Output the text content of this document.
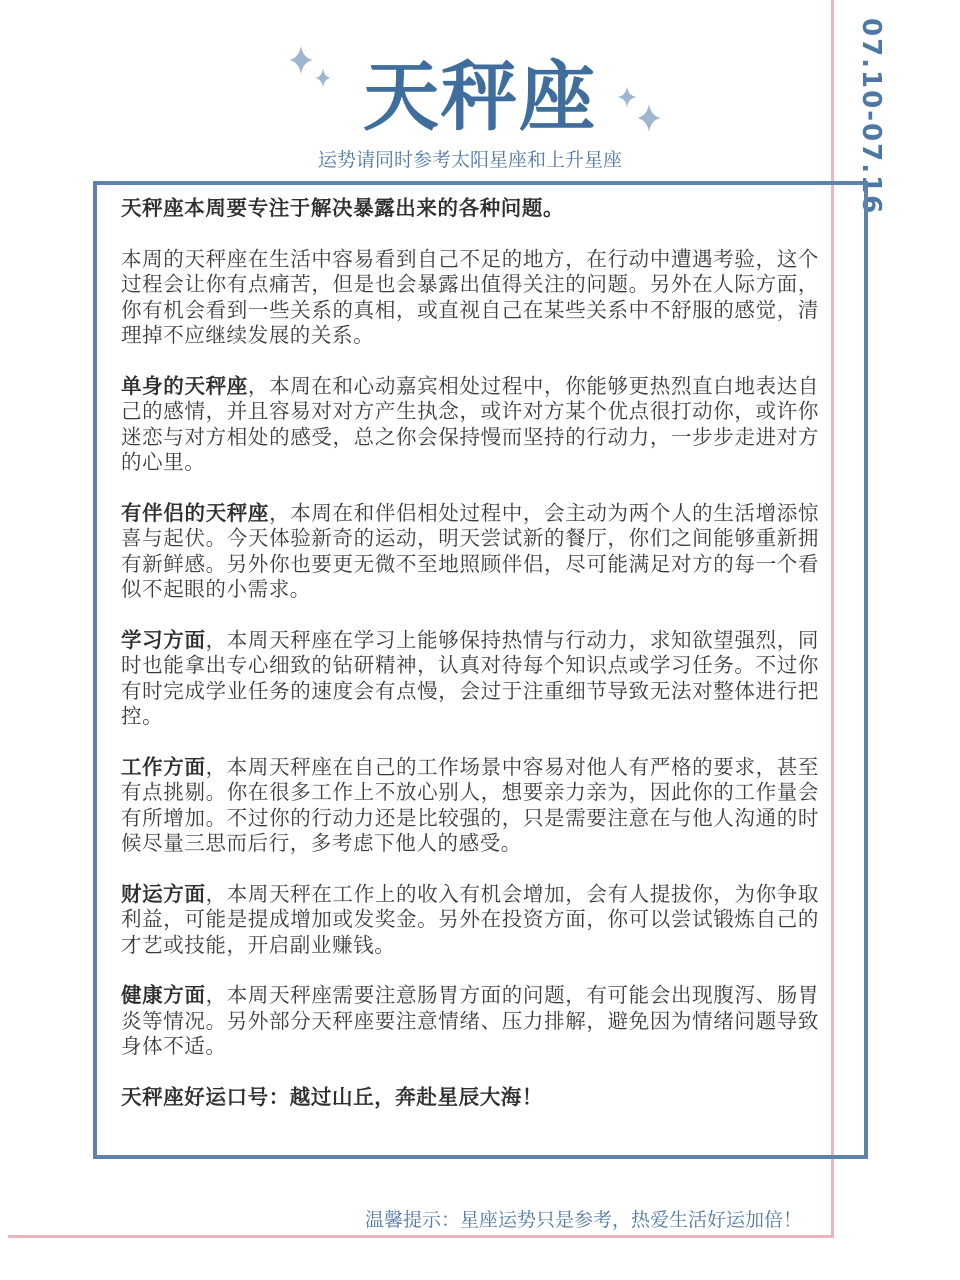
07.10-07.16
天秤座
运势请同时参考太阳星座和上升星座

天秤座本周要专注于解决暴露出来的各种问题。

本周的天秤座在生活中容易看到自己不足的地方，在行动中遭遇考验，这个过程会让你有点痛苦，但是也会暴露出值得关注的问题。另外在人际方面，你有机会看到一些关系的真相，或直视自己在某些关系中不舒服的感觉，清理掉不应继续发展的关系。

单身的天秤座，本周在和心动嘉宾相处过程中，你能够更热烈直白地表达自己的感情，并且容易对对方产生执念，或许对方某个优点很打动你，或许你迷恋与对方相处的感受，总之你会保持慢而坚持的行动力，一步步走进对方的心里。

有伴侣的天秤座，本周在和伴侣相处过程中，会主动为两个人的生活增添惊喜与起伏。今天体验新奇的运动，明天尝试新的餐厅，你们之间能够重新拥有新鲜感。另外你也要更无微不至地照顾伴侣，尽可能满足对方的每一个看似不起眼的小需求。

学习方面，本周天秤座在学习上能够保持热情与行动力，求知欲望强烈，同时也能拿出专心细致的钻研精神，认真对待每个知识点或学习任务。不过你有时完成学业任务的速度会有点慢，会过于注重细节导致无法对整体进行把控。

工作方面，本周天秤座在自己的工作场景中容易对他人有严格的要求，甚至有点挑剔。你在很多工作上不放心别人，想要亲力亲为，因此你的工作量会有所增加。不过你的行动力还是比较强的，只是需要注意在与他人沟通的时候尽量三思而后行，多考虑下他人的感受。

财运方面，本周天秤在工作上的收入有机会增加，会有人提拔你，为你争取利益，可能是提成增加或发奖金。另外在投资方面，你可以尝试锻炼自己的才艺或技能，开启副业赚钱。

健康方面，本周天秤座需要注意肠胃方面的问题，有可能会出现腹泻、肠胃炎等情况。另外部分天秤座要注意情绪、压力排解，避免因为情绪问题导致身体不适。

天秤座好运口号：越过山丘，奔赴星辰大海！

温馨提示：星座运势只是参考，热爱生活好运加倍！
